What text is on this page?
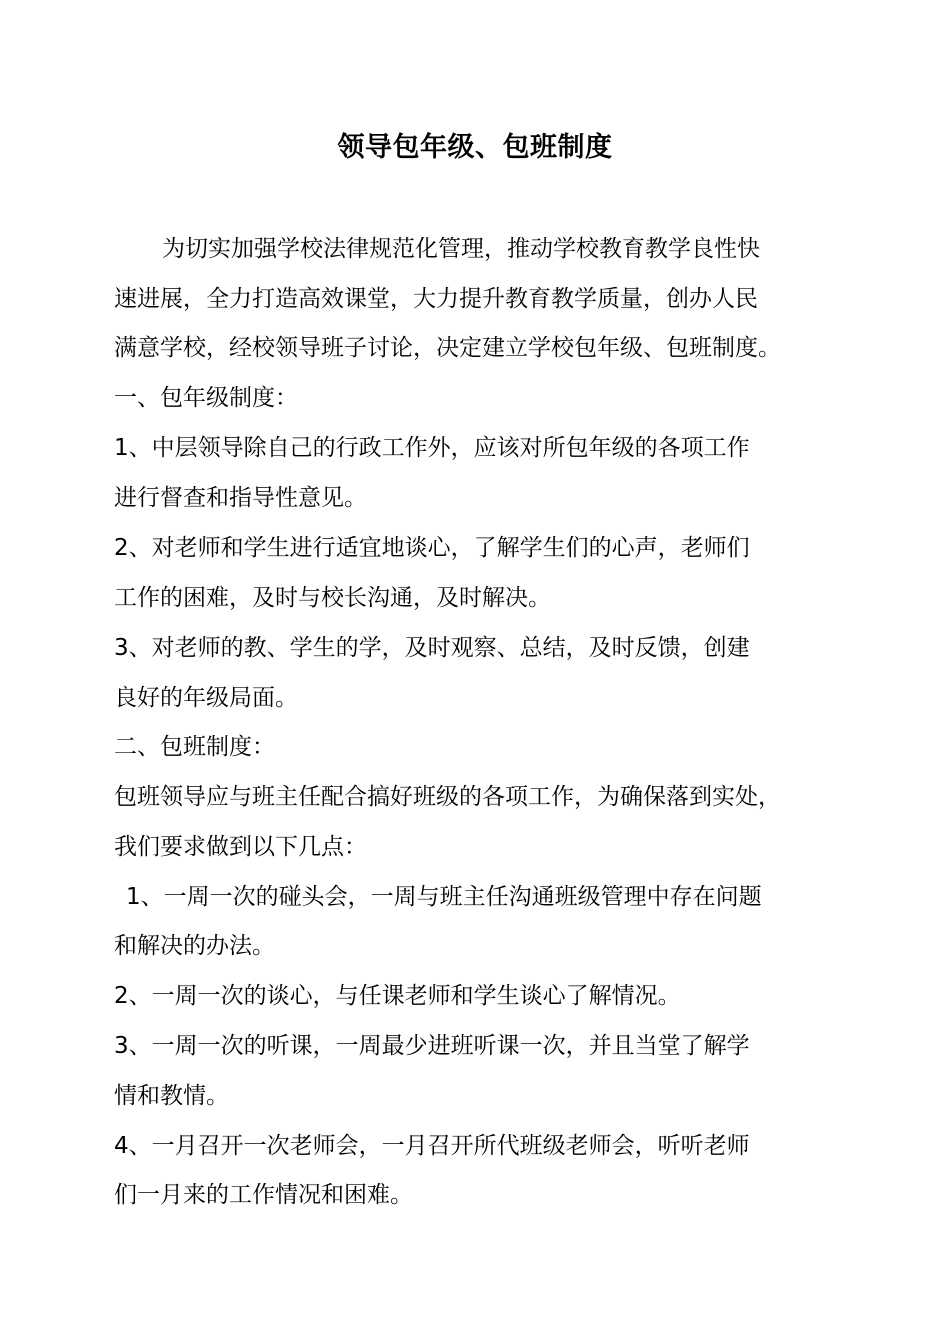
领导包年级、包班制度
为切实加强学校法律规范化管理，推动学校教育教学良性快
速进展，全力打造高效课堂，大力提升教育教学质量，创办人民
满意学校，经校领导班子讨论，决定建立学校包年级、包班制度。
一、包年级制度：
1、中层领导除自己的行政工作外，应该对所包年级的各项工作
进行督查和指导性意见。
2、对老师和学生进行适宜地谈心，了解学生们的心声，老师们
工作的困难，及时与校长沟通，及时解决。
3、对老师的教、学生的学，及时观察、总结，及时反馈，创建
良好的年级局面。
二、包班制度：
包班领导应与班主任配合搞好班级的各项工作，为确保落到实处，
我们要求做到以下几点：
1、一周一次的碰头会，一周与班主任沟通班级管理中存在问题
和解决的办法。
2、一周一次的谈心，与任课老师和学生谈心了解情况。
3、一周一次的听课，一周最少进班听课一次，并且当堂了解学
情和教情。
4、一月召开一次老师会，一月召开所代班级老师会，听听老师
们一月来的工作情况和困难。
